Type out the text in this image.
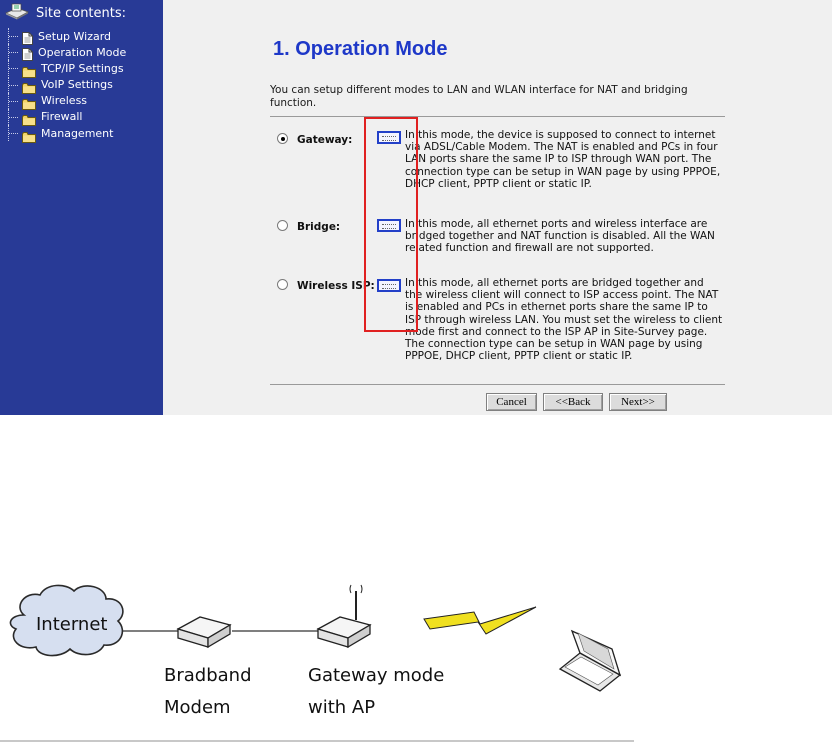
Site contents:
Setup Wizard
Operation Mode
TCP/IP Settings
VoIP Settings
Wireless
Firewall
Management
1. Operation Mode
You can setup different modes to LAN and WLAN interface for NAT and bridging function.
Gateway:	In this mode, the device is supposed to connect to internet via ADSL/Cable Modem. The NAT is enabled and PCs in four LAN ports share the same IP to ISP through WAN port. The connection type can be setup in WAN page by using PPPOE, DHCP client, PPTP client or static IP.
Bridge:	In this mode, all ethernet ports and wireless interface are bridged together and NAT function is disabled. All the WAN related function and firewall are not supported.
Wireless ISP:	In this mode, all ethernet ports are bridged together and the wireless client will connect to ISP access point. The NAT is enabled and PCs in ethernet ports share the same IP to ISP through wireless LAN. You must set the wireless to client mode first and connect to the ISP AP in Site-Survey page. The connection type can be setup in WAN page by using PPPOE, DHCP client, PPTP client or static IP.
Cancel	<<Back	Next>>
Internet
Bradband
Modem
Gateway mode
with AP
